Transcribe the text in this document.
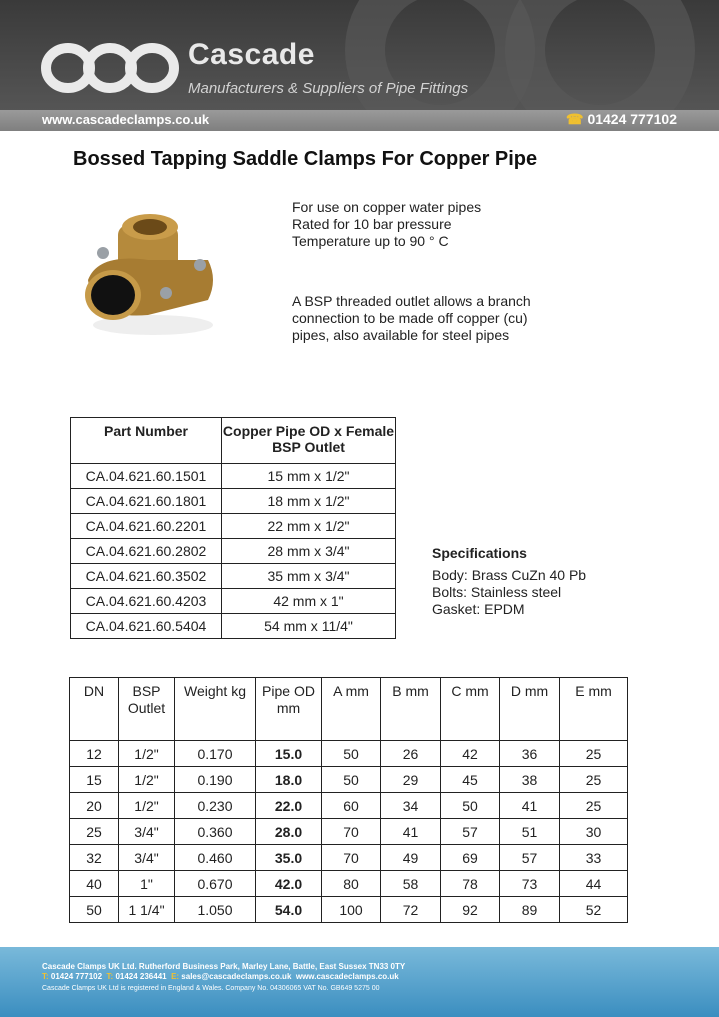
Cascade
Manufacturers & Suppliers of Pipe Fittings
www.cascadeclamps.co.uk	☎ 01424 777102
Bossed Tapping Saddle Clamps For Copper Pipe
For use on copper water pipes
Rated for 10 bar pressure
Temperature up to 90 ° C
A BSP threaded outlet allows a branch connection to be made off copper (cu) pipes, also available for steel pipes
Part Number	Copper Pipe OD x Female BSP Outlet
CA.04.621.60.1501	15 mm x 1/2"
CA.04.621.60.1801	18 mm x 1/2"
CA.04.621.60.2201	22 mm x 1/2"
CA.04.621.60.2802	28 mm x 3/4"
CA.04.621.60.3502	35 mm x 3/4"
CA.04.621.60.4203	42 mm x 1"
CA.04.621.60.5404	54 mm x 11/4"
Specifications
Body: Brass CuZn 40 Pb
Bolts: Stainless steel
Gasket: EPDM
DN	BSP Outlet	Weight kg	Pipe OD mm	A mm	B mm	C mm	D mm	E mm
12	1/2"	0.170	15.0	50	26	42	36	25
15	1/2"	0.190	18.0	50	29	45	38	25
20	1/2"	0.230	22.0	60	34	50	41	25
25	3/4"	0.360	28.0	70	41	57	51	30
32	3/4"	0.460	35.0	70	49	69	57	33
40	1"	0.670	42.0	80	58	78	73	44
50	1 1/4"	1.050	54.0	100	72	92	89	52
Cascade Clamps UK Ltd. Rutherford Business Park, Marley Lane, Battle, East Sussex TN33 0TY
T: 01424 777102 T: 01424 236441 E: sales@cascadeclamps.co.uk www.cascadeclamps.co.uk
Cascade Clamps UK Ltd is registered in England & Wales. Company No. 04306065 VAT No. GB649 5275 00
